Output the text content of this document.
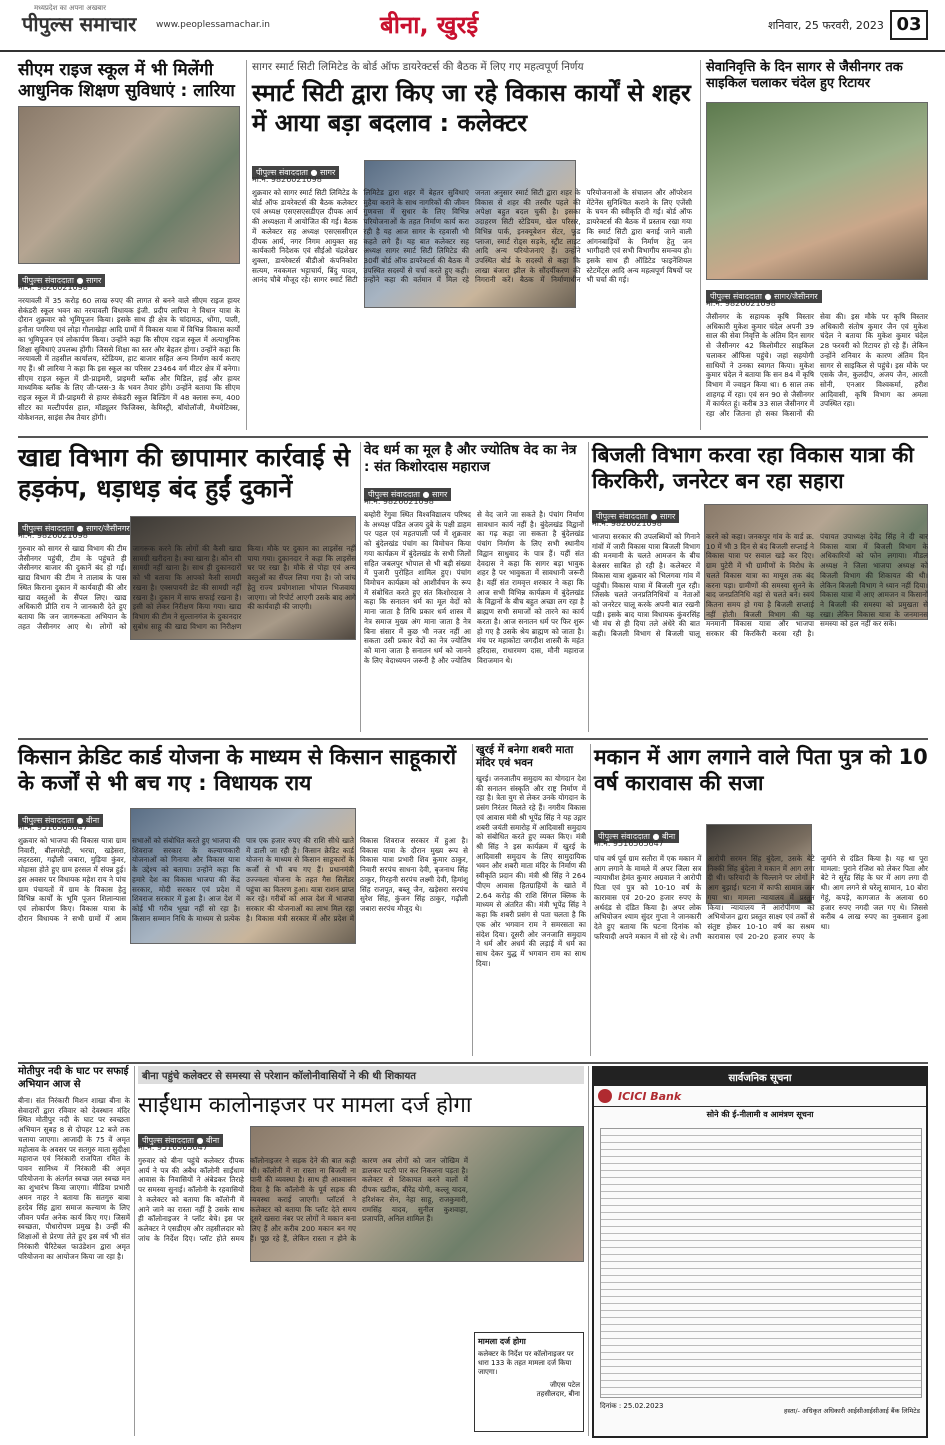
मध्यप्रदेश का अपना अखबार
पीपुल्स समाचार www.peoplessamachar.in	बीना, खुरई	शनिवार, 25 फरवरी, 2023 03
सीएम राइज स्कूल में भी मिलेंगी आधुनिक शिक्षण सुविधाएं : लारिया
पीपुल्स संवाददाता ● सागर
मो.नं. 9826021098
नरयावली में 35 करोड़ 60 लाख रुपए की लागत से बनने वाले सीएम राइज हायर सेकंडरी स्कूल भवन का नरयावली विधायक इंजी. प्रदीप लारिया ने विधान यात्रा के दौरान शुक्रवार को भूमिपूजन किया। इसके साथ ही क्षेत्र के चांदामऊ, धोंगा, पाली, हनौता पगरिया एवं लोड़ा गौलाखेड़ा आदि ग्रामों में विकास यात्रा में विभिन्न विकास कार्यों का भूमिपूजन एवं लोकार्पण किया। उन्होंने कहा कि सीएम राइज स्कूल में अत्याधुनिक शिक्षा सुविधाएं उपलब्ध होंगी। जिससे शिक्षा का स्तर और बेहतर होगा। उन्होंने कहा कि नरयावली में तहसील कार्यालय, स्टेडियम, हाट बाजार सहित अन्य निर्माण कार्य कराए गए हैं। श्री लारिया ने कहा कि इस स्कूल का परिसर 23464 वर्ग मीटर क्षेत्र में बनेगा। सीएम राइज स्कूल में प्री-प्राइमरी, प्राइमरी ब्लॉक और मिडिल, हाई और हायर माध्यमिक ब्लॉक के लिए जी-प्लस-3 के भवन तैयार होंगे। उन्होंने बताया कि सीएम राइज स्कूल में प्री-प्राइमरी से हायर सेकंडरी स्कूल बिल्डिंग में 48 क्लास रूम, 400 सीटर का मल्टीपर्पस हाल, मॉड्यूलर फिजिक्स, केमिस्ट्री, बॉयोलॉजी, मैथमेटिक्स, योकेशनल, साइंस लैब तैयार होंगी।
सागर स्मार्ट सिटी लिमिटेड के बोर्ड ऑफ डायरेक्टर्स की बैठक में लिए गए महत्वपूर्ण निर्णय
स्मार्ट सिटी द्वारा किए जा रहे विकास कार्यों से शहर में आया बड़ा बदलाव : कलेक्टर
पीपुल्स संवाददाता ● सागर
मो.नं. 9826021098
शुक्रवार को सागर स्मार्ट सिटी लिमिटेड के बोर्ड ऑफ डायरेक्टर्स की बैठक कलेक्टर एवं अध्यक्ष एसएसएसडीएल दीपक आर्य की अध्यक्षता में आयोजित की गई। बैठक में कलेक्टर सह अध्यक्ष एसएससीएल दीपक आर्य, नगर निगम आयुक्त सह कार्यकारी निदेशक एवं सीईओ चंद्रशेखर शुक्ला, डायरेक्टर्स बीडीओ कंपनिकोरा सत्यम, नवकमल भट्टाचार्य, बिंदु यादव, आनंद चौबे मौजूद रहे। सागर स्मार्ट सिटी लिमिटेड द्वारा शहर में बेहतर सुविधाएं मुहैया कराने के साथ नागरिकों की जीवन गुणवत्ता में सुधार के लिए विभिन्न परियोजनाओं के तहत निर्माण कार्य करा रही है यह आज सागर के रहवासी भी कहते लगे हैं। यह बात कलेक्टर सह अध्यक्ष सागर स्मार्ट सिटी लिमिटेड की 30वीं बोर्ड ऑफ डायरेक्टर्स की बैठक में उपस्थित सदस्यों से चर्चा करते हुए कही। उन्होंने कहा की वर्तमान में मिल रहे जनता अनुसार स्मार्ट सिटी द्वारा शहर के विकास से शहर की तस्वीर पहले की अपेक्षा बहुत बदल चुकी है। इसका उदाहरण सिटी स्टेडियम, खेल परिसर, विभिन्न पार्क, इनक्यूबेशन सेंटर, फूड प्लाजा, स्मार्ट रोड्स सड़के, स्ट्रीट लाइट आदि अन्य परियोजनाएं हैं। उन्होंने उपस्थित बोर्ड के सदस्यों से कहा कि लाखा बंजारा झील के सौंदर्यीकरण की निगरानी करें। बैठक में निर्माणाधीन परियोजनाओं के संचालन और ऑपरेशन मेंटेनेंस सुनिश्चित कराने के लिए एजेंसी के चयन की स्वीकृति दी गई। बोर्ड ऑफ डायरेक्टर्स की बैठक में प्रस्ताव रखा गया कि स्मार्ट सिटी द्वारा बनाई जाने वाली आंगनबाड़ियों के निर्माण हेतु जन भागीदारी एवं सभी विभागीय समन्वय हो। इसके साथ ही ऑडिटेड फाइनेंशियल स्टेटमेंट्स आदि अन्य महत्वपूर्ण विषयों पर भी चर्चा की गई।
सेवानिवृत्ति के दिन सागर से जैसीनगर तक साइकिल चलाकर चंदेल हुए रिटायर
पीपुल्स संवाददाता ● सागर/जैसीनगर
मो.नं. 9826021098
जैसीनगर के सहायक कृषि विस्तार अधिकारी मुकेश कुमार चंदेल अपनी 39 साल की सेवा निवृत्ति के अंतिम दिन सागर से जैसीनगर 42 किलोमीटर साइकिल चलाकर ऑफिस पहुंचे। जहां सहयोगी साथियों ने उनका स्वागत किया। मुकेश कुमार चंदेल ने बताया कि सन 84 में कृषि विभाग में ज्वाइन किया था। 6 साल तक शाहगढ़ में रहा। एवं सन 90 से जैसीनगर में कार्यरत हूं। करीब 33 साल जैसीनगर में रहा और जितना हो सका किसानों की सेवा की। इस मौके पर कृषि विस्तार अधिकारी संतोष कुमार जैन एवं मुकेश चंदेल ने बताया कि मुकेश कुमार चंदेल 28 फरवरी को रिटायर हो रहे हैं। लेकिन उन्होंने शनिवार के कारण अंतिम दिन सागर से साइकिल से पहुंचे। इस मौके पर एसके जैन, कुलदीप, अजय जैन, आरती सोनी, एनआर विश्वकर्मा, हरीश आदिवासी, कृषि विभाग का अमला उपस्थित रहा।
खाद्य विभाग की छापामार कार्रवाई से हड़कंप, धड़ाधड़ बंद हुईं दुकानें
पीपुल्स संवाददाता ● सागर/जैसीनगर
मो.नं. 9826021098
गुरुवार को सागर से खाद्य विभाग की टीम जैसीनगर पहुंची, टीम के पहुंचते ही जैसीनगर बाजार की दुकानें बंद हो गईं। खाद्य विभाग की टीम ने तालाब के पास स्थित किराना दुकान में कार्यवाही की और खाद्य वस्तुओं के सैंपल लिए। खाद्य अधिकारी प्रीति राय ने जानकारी देते हुए बताया कि जन जागरूकता अभियान के तहत जैसीनगर आए थे। लोगों को जागरूक करने कि लोगों की कैसी खाद्य सामग्री खरीदना है। क्या खाना है। कौन सी सामग्री नहीं खाना है। साथ ही दुकानदारों को भी बताया कि आपको कैसी सामग्री रखना है। एक्सपायरी डेट की सामग्री नहीं रखना है। दुकान में साफ सफाई रखना है। इसी को लेकर निरीक्षण किया गया। खाद्य विभाग की टीम ने सुल्तानगंज के दुकानदार सुबोध साहू की खाद्य विभाग का निरीक्षण किया। मौके पर दुकान का लाइसेंस नहीं पाया गया। दुकानदार ने कहा कि लाइसेंस घर पर रखा है। मौके से पोहा एवं अन्य वस्तुओं का सैंपल लिया गया है। जो जांच हेतु राज्य प्रयोगशाला भोपाल भिजवाया जाएगा। जो रिपोर्ट आएगी उसके बाद आगे की कार्यवाही की जाएगी।
वेद धर्म का मूल है और ज्योतिष वेद का नेत्र : संत किशोरदास महाराज
पीपुल्स संवाददाता ● सागर
मो.नं. 9826021098
बम्होरी रेंगुवा स्थित विश्वविद्यालय परिषद के अध्यक्ष पंडित अजय दुबे के पक्षी डाहम पर पहल एवं महतपाली पर्व में शुक्रवार को बुंदेलखंड पंचांग का विमोचन किया गया कार्यक्रम में बुंदेलखंड के सभी जिलों सहित जबलपुर भोपाल से भी बड़ी संख्या में पुजारी पुरोहित शामिल हुए। पंचांग विमोचन कार्यक्रम को आशीर्वचन के रूप में संबोधित करते हुए संत किशोरदास ने कहा कि सनातन धर्म का मूल वेदों को माना जाता है तिथि प्रकार धर्म शास्त्र में नेत्र समाज मुख्य अंग माना जाता है नेत्र बिना संसार में कुछ भी नजर नहीं आ सकता उसी प्रकार वेदों का नेत्र ज्योतिष को माना जाता है सनातन धर्म को जानने के लिए वेदाध्ययन जरूरी है और ज्योतिष से वेद जाने जा सकते है। पंचांग निर्माण सावधान कार्य नहीं है। बुंदेलखंड विद्वानों का गढ़ कहा जा सकता है बुंदेलखंड पंचांग निर्माण के लिए सभी स्थानीय विद्वान साधुवाद के पात्र हैं। यहीं संत देवदास ने कहा कि सागर बड़ा भावुक शहर है पर भावुकता में सावधानी जरूरी है। यहीं संत रामवृत्त शरकार ने कहा कि आज सभी विभिन्न कार्यक्रम में बुंदेलखंड के विद्वानों के बीच बहुत अच्छा लग रहा है ब्राह्मण सभी समाजों को तारने का कार्य करता है। आज सनातन धर्म पर फिर शुरू हो गए है उसके श्रेय ब्राह्मण को जाता है। मंच पर महाकोटा जगदीश शास्त्री के महंत हरिदास, राधारमण दास, मौनी महाराज विराजमान थे।
बिजली विभाग करवा रहा विकास यात्रा की किरकिरी, जनरेटर बन रहा सहारा
पीपुल्स संवाददाता ● सागर
मो.नं. 9826021098
भाजपा सरकार की उपलब्धियों को गिनाने गांवों में जारी विकास यात्रा बिजली विभाग की मनमानी के चलते आमजन के बीच बेअसर साबित हो रही है। कलेक्टर में विकास यात्रा शुक्रवार को भिलगवा गांव में पहुंची। विकास यात्रा में बिजली गुल रही। जिसके चलते जनप्रतिनिधियों व नेताओं को जनरेटर चालू करके अपनी बात रखनी पड़ी। इसके बाद यात्रा विधायक कुंवरसिंह भी मंच से ही दिया तले अंधेरे की बात कही। बिजली विभाग से बिजली चालू करने को कहा। जनकपुर गांव के वार्ड क्र. 10 में भी 3 दिन से बंद बिजली सप्लाई ने विकास यात्रा पर सवाल खड़े कर दिए। ग्राम पुटेरी में भी ग्रामीणों के विरोध के चलते विकास यात्रा का मायूस तक बंद करना पड़ा। ग्रामीणों की समस्या सुनने के बाद जनप्रतिनिधि वहां से चलते बने। स्वयं कितना समय हो गया है बिजली सप्लाई नहीं होती। बिजली विभाग की यह मनमानी विकास यात्रा और भाजपा सरकार की किरकिरी करवा रही है। पंचायत उपाध्यक्ष देवेंद्र सिंह ने दी बार विकास यात्रा में बिजली विभाग के अधिकारियों को फोन लगाया। मीडल अध्यक्ष ने जिला भाजपा अध्यक्ष को बिजली विभाग की शिकायत की थी। लेकिन बिजली विभाग ने ध्यान नहीं दिया। विकास यात्रा में आए आमजन व किसानों ने बिजली की समस्या को प्रमुखता से रखा। लेकिन विकास यात्रा के जनमानस समस्या को हल नहीं कर सके।
किसान क्रेडिट कार्ड योजना के माध्यम से किसान साहूकारों के कर्जों से भी बच गए : विधायक राय
पीपुल्स संवाददाता ● बीना
मो.नं. 9516565647
शुक्रवार को भाजपा की विकास यात्रा ग्राम निवारी, बीलगसेड़ी, भरचा, खड़ेसरा, लहरठसा, गढ़ौली जबारा, मुड़िया कुंवर, मोहासा होते हुए ग्राम हरसल में संपन्न हुई। इस अवसर पर विधायक महेश राय ने पांच ग्राम पंचायतों में ग्राम के विकास हेतु विभिन्न कार्यों के भूमि पूजन शिलान्यास एवं लोकार्पण किए। विकास यात्रा के दौरान विधायक ने सभी ग्रामों में आम सभाओं को संबोधित करते हुए भाजपा की शिवराज सरकार के कल्याणकारी योजनाओं को गिनाया और विकास यात्रा के उद्देश्य को बताया। उन्होंने कहा कि हमारे देश का विकास भाजपा की केंद्र सरकार, मोदी सरकार एवं प्रदेश में शिवराज सरकार में हुआ है। आज देश में कोई भी गरीब भूखा नहीं सो रहा है। किसान सम्मान निधि के माध्यम से प्रत्येक पात्र एक हजार रुपए की राशि सीधे खाते में डाली जा रही है। किसान क्रेडिट कार्ड योजना के माध्यम से किसान साहूकारों के कर्जों से भी बच गए हैं। प्रधानमंत्री उज्ज्वला योजना के तहत गैस सिलेंडर पहुंचा का वितरण हुआ। यात्रा राशन प्राप्त कर रहे। गरीबों को आज देश में भाजपा सरकार की योजनाओं का लाभ मिल रहा है। विकास मंत्री सरकार में और प्रदेश में विकास शिवराज सरकार में हुआ है। विकास यात्रा के दौरान मुख्य रूप से विकास यात्रा प्रभारी शिव कुमार ठाकुर, निवारी सरपंच साधना देवी, बृजनाथ सिंह ठाकुर, गिरहनी सरपंच लक्ष्मी देवी, हिमांशु सिंह राजपूत, बब्लू जैन, खड़ेसरा सरपंच सुरेश सिंह, कुंजन सिंह ठाकुर, गढ़ौली जबारा सरपंच मौजूद थे।
खुरई में बनेगा शबरी माता मंदिर एवं भवन
खुरई। जनजातीय समुदाय का योगदान देश की सनातन संस्कृति और राष्ट्र निर्माण में रहा है। त्रेता युग से लेकर उनके योगदान के प्रसंग निरंतर मिलते रहे हैं। नगरीय विकास एवं आवास मंत्री श्री भूपेंद्र सिंह ने यह उद्गार शबरी जयंती समारोह में आदिवासी समुदाय को संबोधित करते हुए व्यक्त किए। मंत्री श्री सिंह ने इस कार्यक्रम में खुरई के आदिवासी समुदाय के लिए सामुदायिक भवन और शबरी माता मंदिर के निर्माण की स्वीकृति प्रदान की। मंत्री श्री सिंह ने 264 पीएम आवास हितग्राहियों के खाते में 2.64 करोड़ की राशि सिंगल क्लिक के माध्यम से अंतरित की। मंत्री भूपेंद्र सिंह ने कहा कि शबरी प्रसंग से पता चलता है कि एक ओर भगवान राम ने समरसता का संदेश दिया। दूसरी ओर जनजाति समुदाय ने धर्म और अधर्म की लड़ाई में धर्म का साथ देकर युद्ध में भगवान राम का साथ दिया।
मकान में आग लगाने वाले पिता पुत्र को 10 वर्ष कारावास की सजा
पीपुल्स संवाददाता ● बीना
मो.नं. 9516565647
पांच वर्ष पूर्व ग्राम सतौरा में एक मकान में आग लगाने के मामले में अपर जिला सत्र न्यायाधीश हेमंत कुमार अग्रवाल ने आरोपी पिता एवं पुत्र को 10-10 वर्ष के कारावास एवं 20-20 हजार रुपए के अर्थदंड से दंडित किया है। अपर लोक अभियोजन श्याम सुंदर गुप्ता ने जानकारी देते हुए बताया कि घटना दिनांक को फरियादी अपने मकान में सो रहे थे। तभी आरोपी सरमन सिंह बुंदेला, उसके बेटे निक्की सिंह बुंदेला ने मकान में आग लगा दी थी। फरियादी के चिल्लाने पर लोगों ने आग बुझाई। घटना में काफी सामान जल गया था। मामला न्यायालय में प्रस्तुत किया। न्यायालय ने आरोपीगण को अभियोजन द्वारा प्रस्तुत साक्ष्य एवं तर्कों से संतुष्ट होकर 10-10 वर्ष का सश्रम कारावास एवं 20-20 हजार रुपए के जुर्माने से दंडित किया है। यह था पूरा मामला: पुराने रंजिश को लेकर पिता और बेटे ने सुरेंद्र सिंह के घर में आग लगा दी थी। आग लगने से घरेलू सामान, 10 बोरा गेहूं, कपड़े, कागजात के अलावा 60 हजार रुपए नगदी जल गए थे। जिससे करीब 4 लाख रुपए का नुकसान हुआ था।
मोतीपुर नदी के घाट पर सफाई अभियान आज से
बीना। संत निरंकारी मिशन शाखा बीना के सेवादारों द्वारा रविवार को देवस्थान मंदिर स्थित मोतीपुर नदी के घाट पर स्वच्छता अभियान सुबह 8 से दोपहर 12 बजे तक चलाया जाएगा। आजादी के 75 वें अमृत महोत्सव के अवसर पर सतगुरु माता सुदीक्षा महाराज एवं निरंकारी राजपिता रमित के पावन सानिध्य में निरंकारी की अमृत परियोजना के अंतर्गत स्वच्छ जल स्वच्छ मन का शुभारंभ किया जाएगा। मीडिया प्रभारी अमन नाहर ने बताया कि सतगुरु बाबा हरदेव सिंह द्वारा समाज कल्याण के लिए जीवन पर्यंत अनेक कार्य किए गए। जिसमें स्वच्छता, पौधारोपण प्रमुख है। उन्हीं की शिक्षाओं से प्रेरणा लेते हुए इस वर्ष भी संत निरंकारी चैरिटेबल फाउंडेशन द्वारा अमृत परियोजना का आयोजन किया जा रहा है।
बीना पहुंचे कलेक्टर से समस्या से परेशान कॉलोनीवासियों ने की थी शिकायत
साईंधाम कालोनाइजर पर मामला दर्ज होगा
पीपुल्स संवाददाता ● बीना
मो.नं. 9516565647
गुरुवार को बीना पहुंचे कलेक्टर दीपक आर्य ने पत्र की अबैध कॉलोनी साईंधाम आवास के निवासियों ने अंबेडकर तिराहे पर समस्या सुनाई। कॉलोनी के रहवासियों ने कलेक्टर को बताया कि कॉलोनी में आने जाने का रास्ता नहीं है उसके साथ ही कॉलोनाइजर ने प्लॉट बेचे। इस पर कलेक्टर ने एसडीएम और तहसीलदार को जांच के निर्देश दिए। प्लॉट होते समय कॉलोनाइजर ने सड़क देने की बात कही थी। कॉलोनी में ना रास्ता ना बिजली ना पानी की व्यवस्था है। साथ ही आश्वासन दिया है कि कॉलोनी के पूर्व सड़क की व्यवस्था कराई जाएगी। प्लॉटर्स ने कलेक्टर को बताया कि प्लॉट देते समय दूसरे खसरा नंबर पर लोगों ने मकान बना लिए हैं और करीब 200 मकान बन गए हैं। पूछ रहे हैं, लेकिन रास्ता न होने के कारण अब लोगों को जान जोखिम में डालकर पटरी पार कर निकलना पड़ता है। कलेक्टर से शिकायत करने वालों में दीपक खटीक, बीरेंद्र योगी, कल्लू यादव, हरिशंकर सेन, नेहा साहू, राजकुमारी, रामसिंह यादव, सुनील कुशवाहा, प्रजापति, अनिल शामिल हैं।
मामला दर्ज होगा
कलेक्टर के निर्देश पर कॉलोनाइजर पर धारा 133 के तहत मामला दर्ज किया जाएगा।
जीएस पटेल
तहसीलदार, बीना
सार्वजनिक सूचना
ICICI Bank
सोने की ई-नीलामी व आमंत्रण सूचना
दिनांक : 25.02.2023
हस्ता/- अधिकृत अधिकारी आईसीआईसीआई बैंक लिमिटेड
